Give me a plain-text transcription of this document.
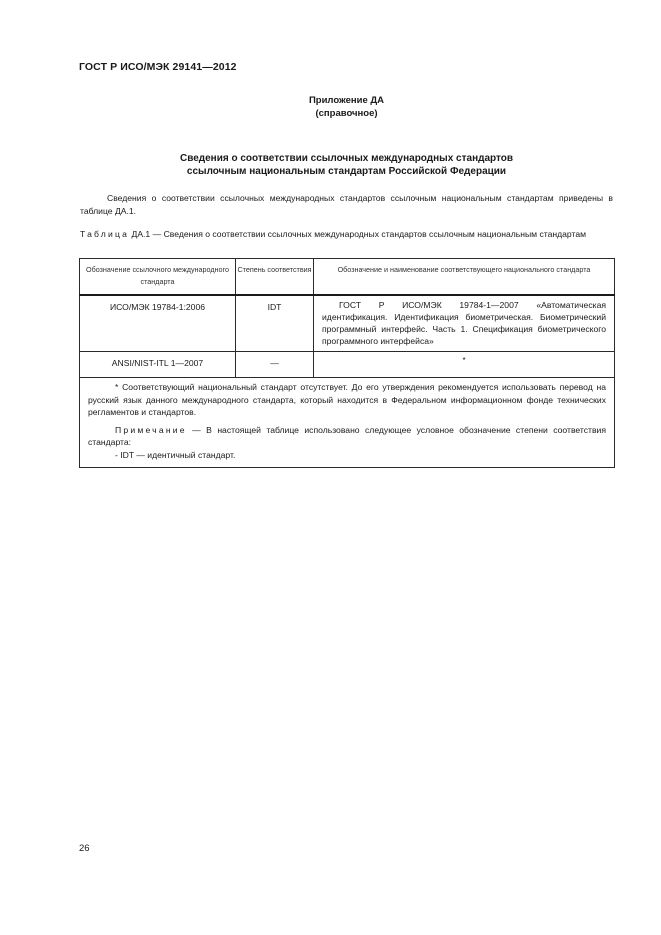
ГОСТ Р ИСО/МЭК 29141—2012
Приложение ДА
(справочное)
Сведения о соответствии ссылочных международных стандартов
ссылочным национальным стандартам Российской Федерации
Сведения о соответствии ссылочных международных стандартов ссылочным национальным стандартам приведены в таблице ДА.1.
Таблица ДА.1 — Сведения о соответствии ссылочных международных стандартов ссылочным национальным стандартам
Обозначение ссылочного международного стандарта	Степень соответствия	Обозначение и наименование соответствующего национального стандарта
ИСО/МЭК 19784-1:2006	IDT	ГОСТ Р ИСО/МЭК 19784-1—2007 «Автоматическая идентификация. Идентификация биометрическая. Биометрический программный интерфейс. Часть 1. Спецификация биометрического программного интерфейса»
ANSI/NIST-ITL 1—2007	—	*

* Соответствующий национальный стандарт отсутствует. До его утверждения рекомендуется использовать перевод на русский язык данного международного стандарта, который находится в Федеральном информационном фонде технических регламентов и стандартов.

Примечание — В настоящей таблице использовано следующее условное обозначение степени соответствия стандарта:

- IDT — идентичный стандарт.		

26
